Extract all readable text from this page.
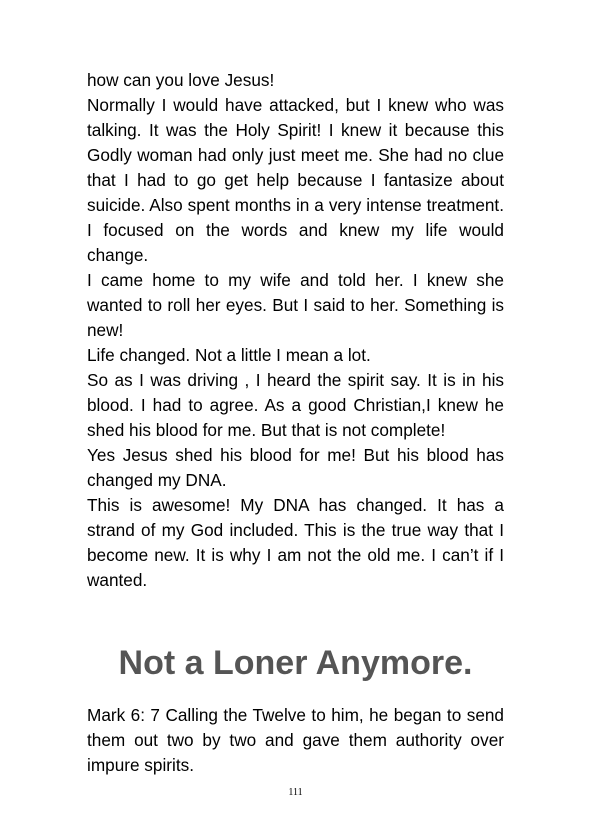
how can you love Jesus!

Normally I would have attacked, but I knew who was talking. It was the Holy Spirit! I knew it because this Godly woman had only just meet me. She had no clue that I had to go get help because I fantasize about suicide. Also spent months in a very intense treatment. I focused on the words and knew my life would change.

I came home to my wife and told her. I knew she wanted to roll her eyes. But I said to her. Something is new!

Life changed. Not a little I mean a lot.

So as I was driving , I heard the spirit say. It is in his blood. I had to agree. As a good Christian,I knew he shed his blood for me. But that is not complete!

Yes Jesus shed his blood for me! But his blood has changed my DNA.

This is awesome! My DNA has changed. It has a strand of my God included. This is the true way that I become new. It is why I am not the old me. I can’t if I wanted.

Not a Loner Anymore.

Mark 6: 7 Calling the Twelve to him, he began to send them out two by two and gave them authority over impure spirits.

111
